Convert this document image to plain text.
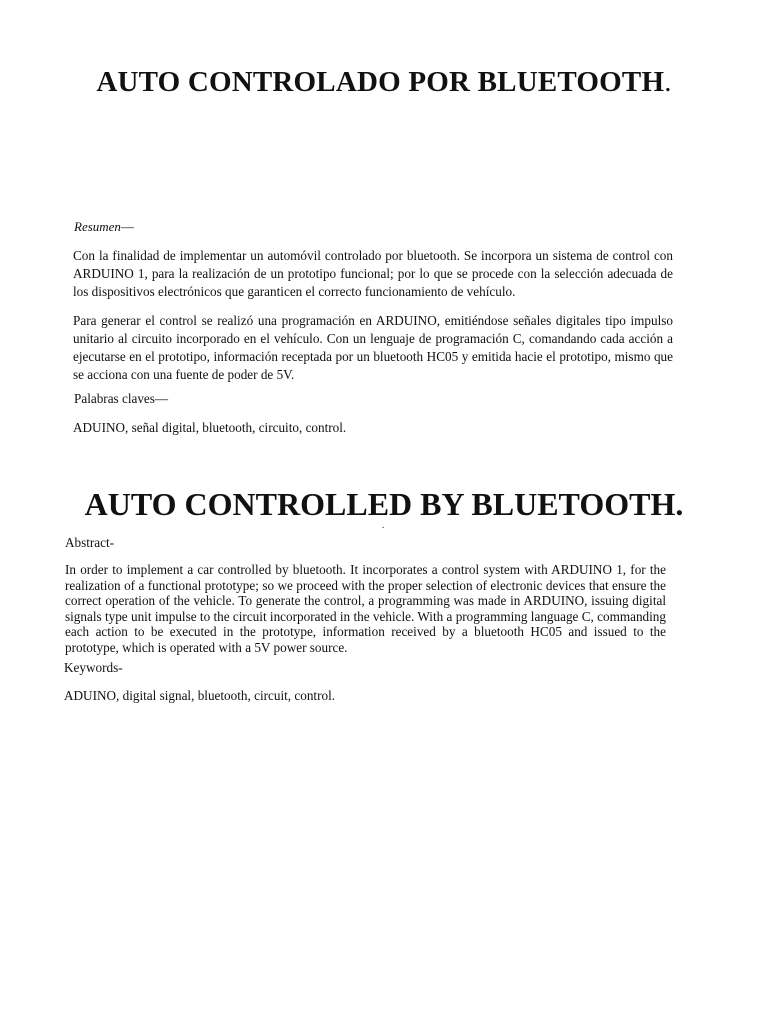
AUTO CONTROLADO POR BLUETOOTH.

Resumen—

Con la finalidad de implementar un automóvil controlado por bluetooth. Se incorpora un sistema de control con ARDUINO 1, para la realización de un prototipo funcional; por lo que se procede con la selección adecuada de los dispositivos electrónicos que garanticen el correcto funcionamiento de vehículo.

Para generar el control se realizó una programación en ARDUINO, emitiéndose señales digitales tipo impulso unitario al circuito incorporado en el vehículo. Con un lenguaje de programación C, comandando cada acción a ejecutarse en el prototipo, información receptada por un bluetooth HC05 y emitida hacie el prototipo, mismo que se acciona con una fuente de poder de 5V.

Palabras claves—

ADUINO, señal digital, bluetooth, circuito, control.

AUTO CONTROLLED BY BLUETOOTH.

.

Abstract-

In order to implement a car controlled by bluetooth. It incorporates a control system with ARDUINO 1, for the realization of a functional prototype; so we proceed with the proper selection of electronic devices that ensure the correct operation of the vehicle. To generate the control, a programming was made in ARDUINO, issuing digital signals type unit impulse to the circuit incorporated in the vehicle. With a programming language C, commanding each action to be executed in the prototype, information received by a bluetooth HC05 and issued to the prototype, which is operated with a 5V power source.

Keywords-

ADUINO, digital signal, bluetooth, circuit, control.
